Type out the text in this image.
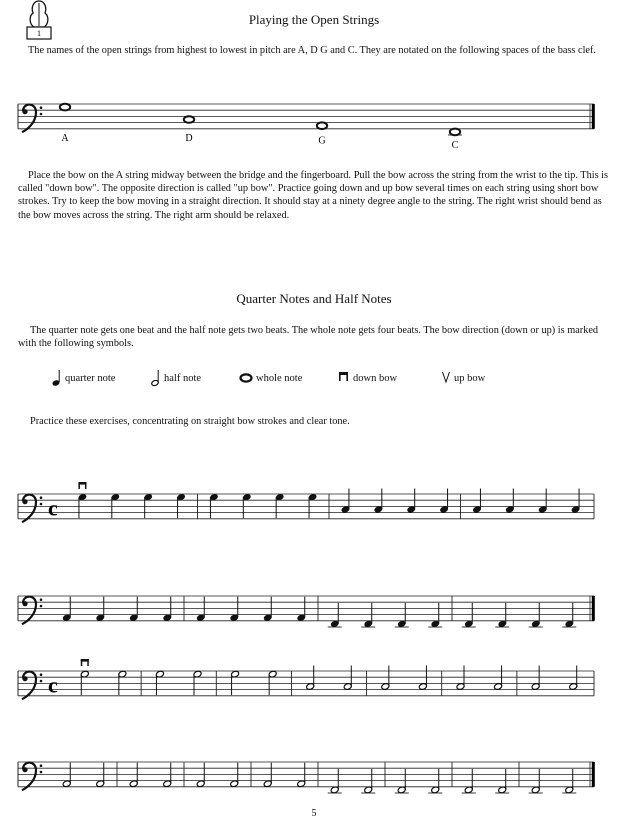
1
Playing the Open Strings
The names of the open strings from highest to lowest in pitch are A, D G and C. They are notated on the following spaces of the bass clef.
A	D	G	C
Place the bow on the A string midway between the bridge and the fingerboard. Pull the bow across the string from the wrist to the tip. This is called "down bow". The opposite direction is called "up bow". Practice going down and up bow several times on each string using short bow strokes. Try to keep the bow moving in a straight direction. It should stay at a ninety degree angle to the string. The right wrist should bend as the bow moves across the string. The right arm should be relaxed.
Quarter Notes and Half Notes
The quarter note gets one beat and the half note gets two beats. The whole note gets four beats. The bow direction (down or up) is marked with the following symbols.
quarter note	half note	whole note	down bow	up bow
Practice these exercises, concentrating on straight bow strokes and clear tone.
c
c
5
